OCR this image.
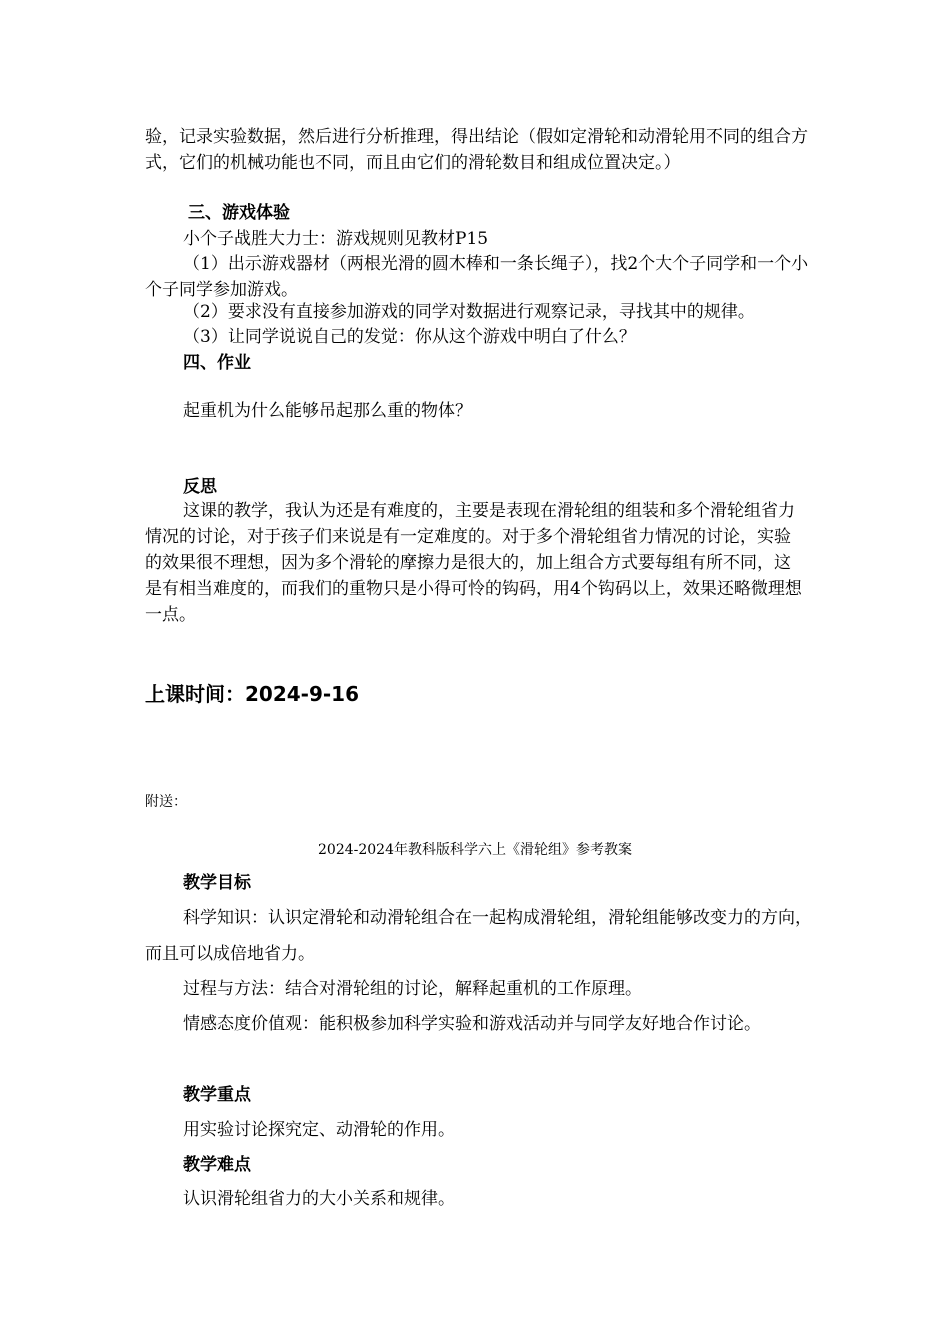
验，记录实验数据，然后进行分析推理，得出结论（假如定滑轮和动滑轮用不同的组合方式，它们的机械功能也不同，而且由它们的滑轮数目和组成位置决定。）

三、游戏体验

小个子战胜大力士：游戏规则见教材P15

（1）出示游戏器材（两根光滑的圆木棒和一条长绳子），找2个大个子同学和一个小个子同学参加游戏。

（2）要求没有直接参加游戏的同学对数据进行观察记录，寻找其中的规律。

（3）让同学说说自己的发觉：你从这个游戏中明白了什么？

四、作业

起重机为什么能够吊起那么重的物体？

反思

这课的教学，我认为还是有难度的，主要是表现在滑轮组的组装和多个滑轮组省力情况的讨论，对于孩子们来说是有一定难度的。对于多个滑轮组省力情况的讨论，实验的效果很不理想，因为多个滑轮的摩擦力是很大的，加上组合方式要每组有所不同，这是有相当难度的，而我们的重物只是小得可怜的钩码，用4个钩码以上，效果还略微理想一点。

上课时间：2024-9-16

附送：

2024-2024年教科版科学六上《滑轮组》参考教案

教学目标

科学知识：认识定滑轮和动滑轮组合在一起构成滑轮组，滑轮组能够改变力的方向，而且可以成倍地省力。

过程与方法：结合对滑轮组的讨论，解释起重机的工作原理。

情感态度价值观：能积极参加科学实验和游戏活动并与同学友好地合作讨论。

教学重点

用实验讨论探究定、动滑轮的作用。

教学难点

认识滑轮组省力的大小关系和规律。
